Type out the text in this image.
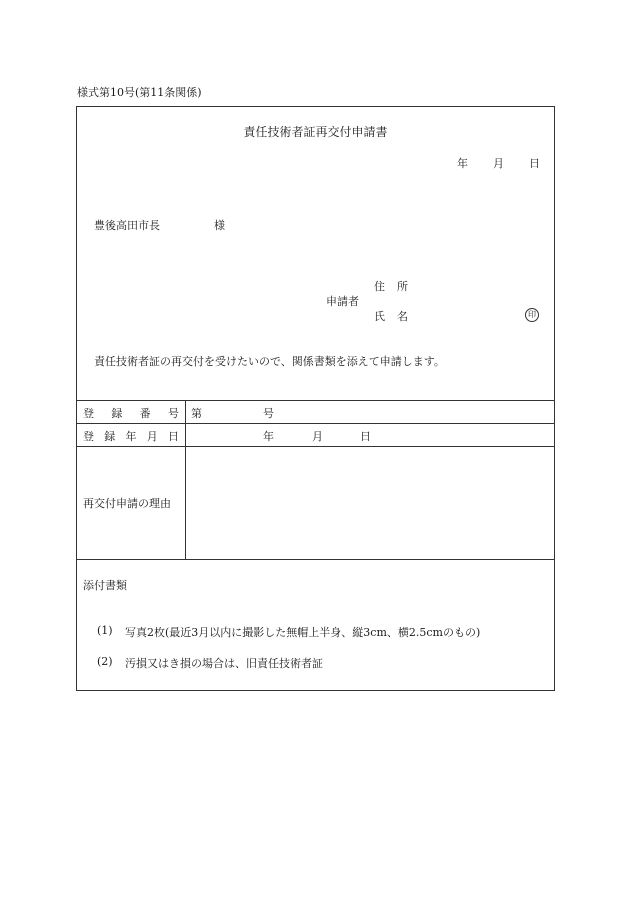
様式第10号(第11条関係)
責任技術者証再交付申請書
年 月 日
豊後高田市長	様
申請者
住 所
氏 名	印
責任技術者証の再交付を受けたいので、関係書類を添えて申請します。
登 録 番 号 第	号
登 録 年 月 日	年	月	日
再交付申請の理由
添付書類
(1) 写真2枚(最近3月以内に撮影した無帽上半身、縦3cm、横2.5cmのもの)
(2) 汚損又はき損の場合は、旧責任技術者証
